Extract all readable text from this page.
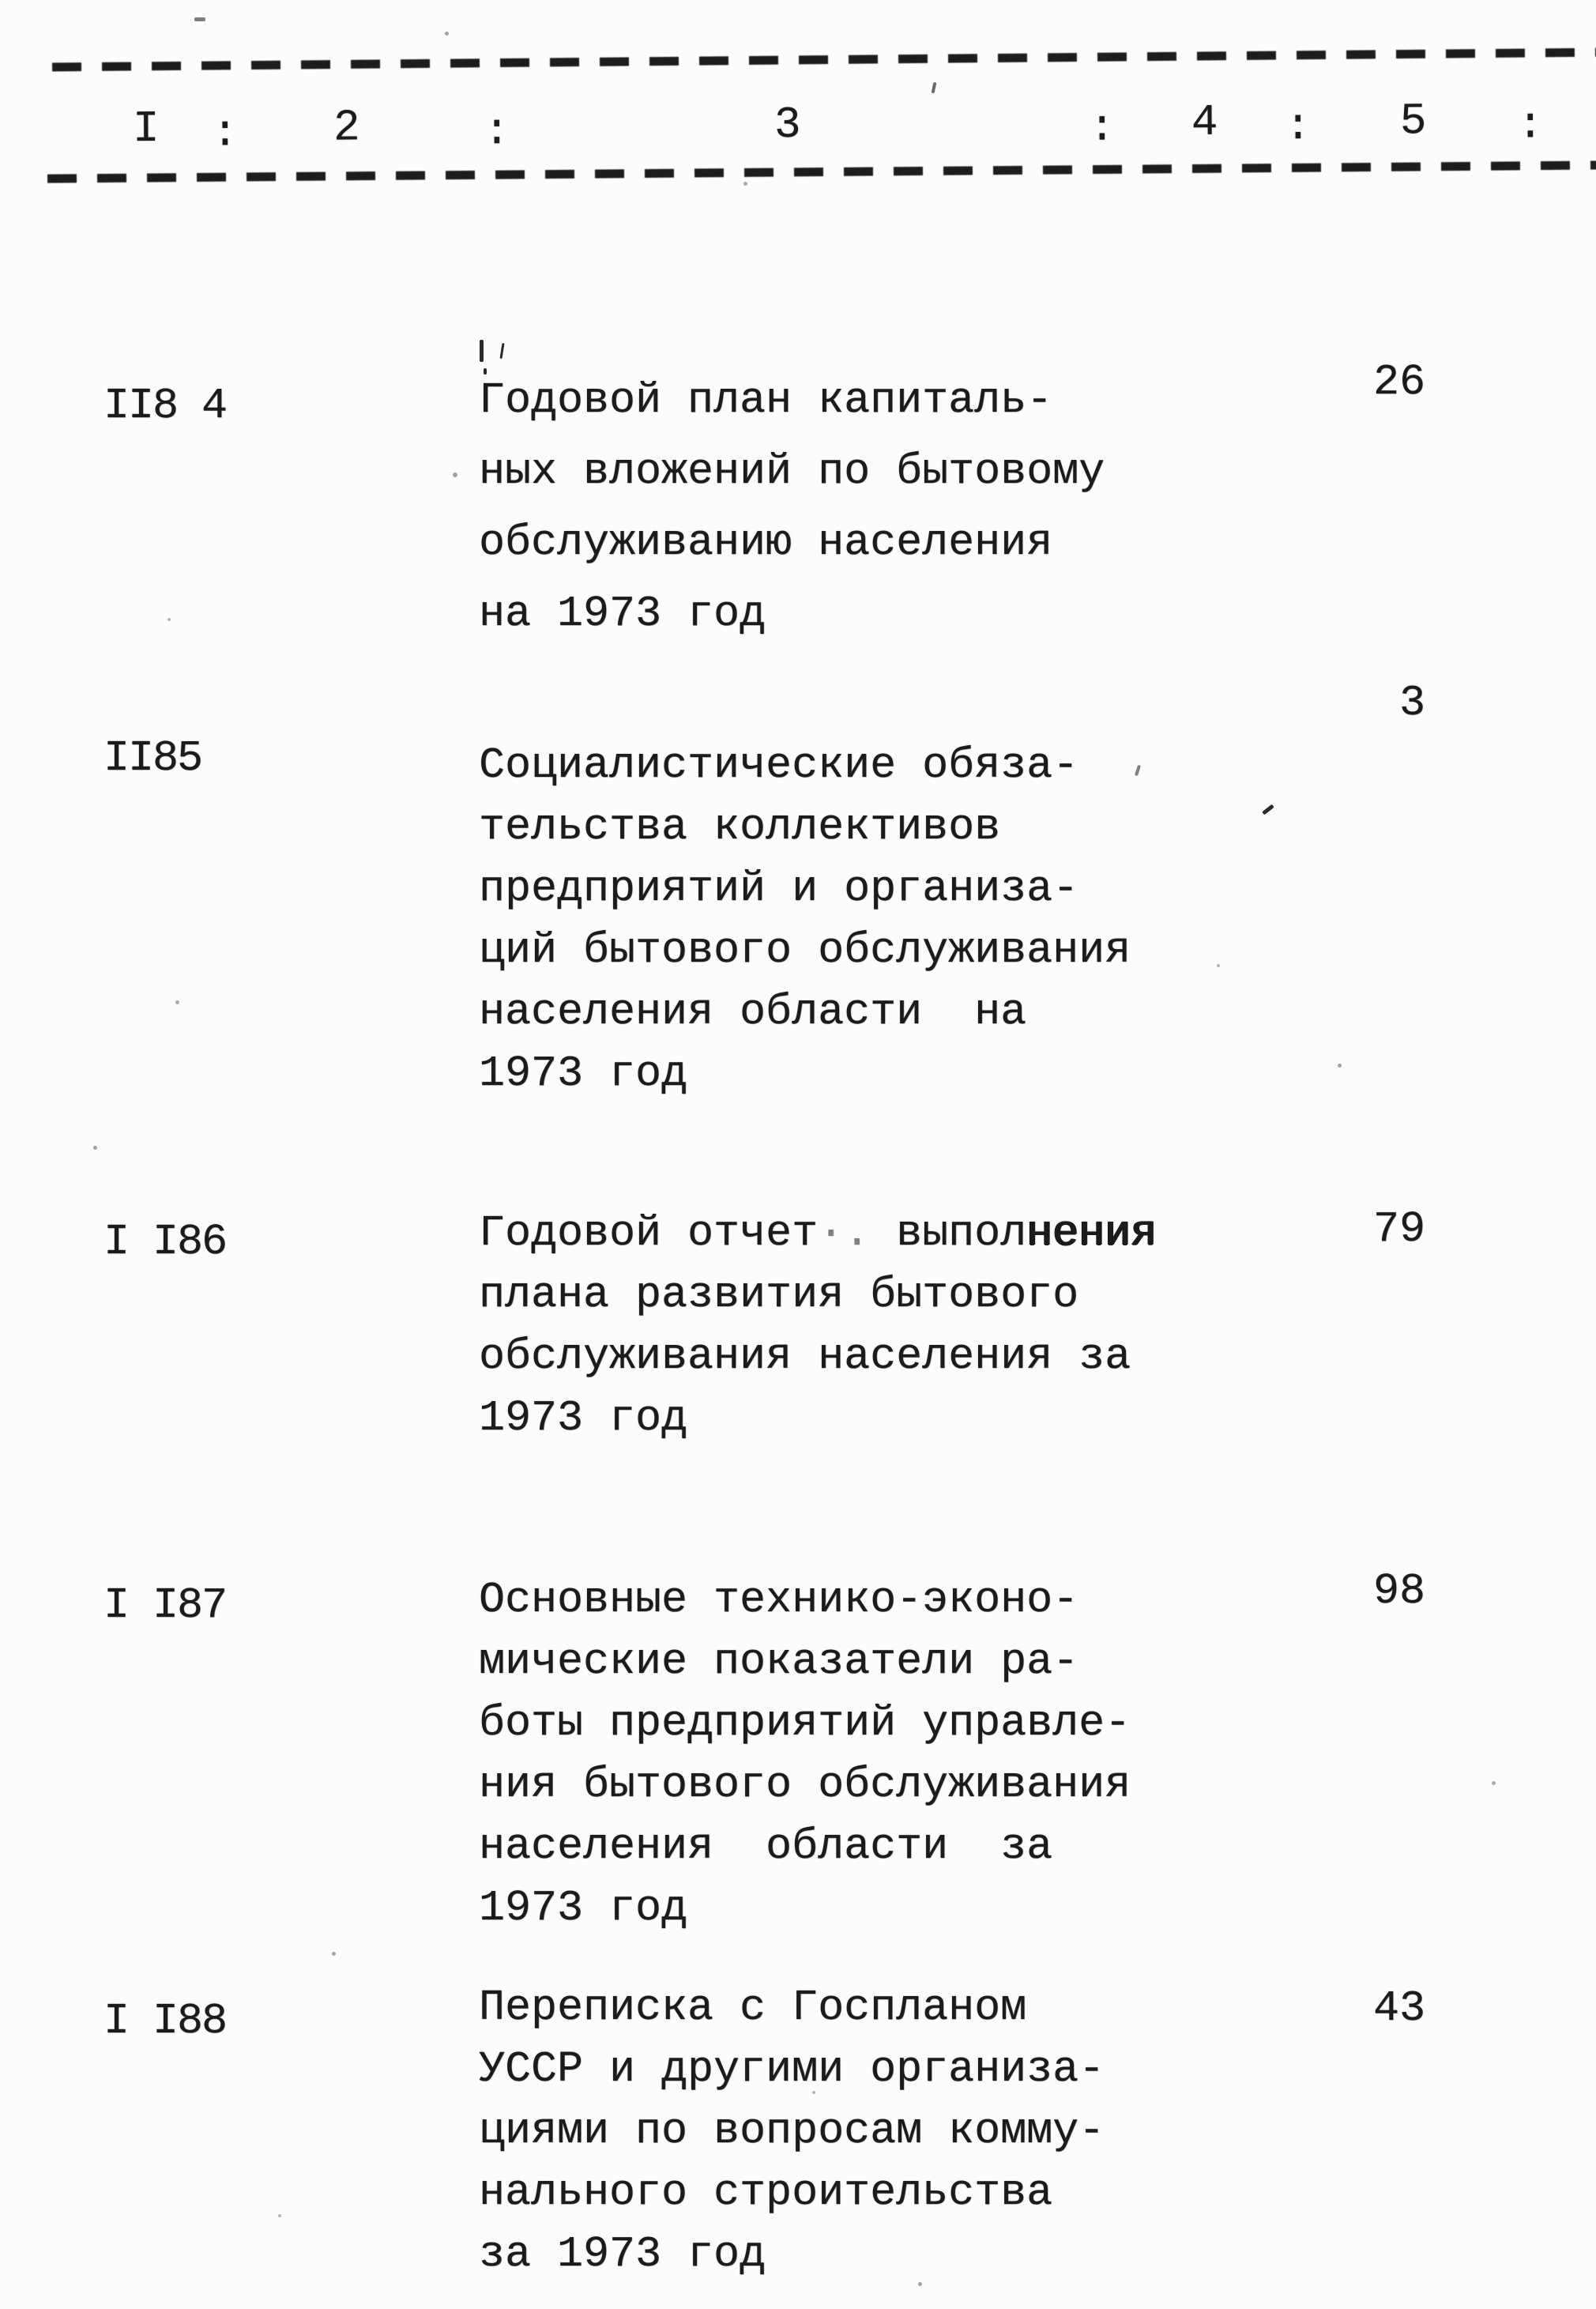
I : 2	:	3	: 4 : 5 :
II8 4	Годовой план капиталь-
ных вложений по бытовому
обслуживанию населения
на 1973 год
26
II85	Социалистические обяза-
тельства коллективов
предприятий и организа-
ций бытового обслуживания
населения области  на
1973 год
3
I I86	Годовой отчет·. выполнения
плана развития бытового
обслуживания населения за
1973 год
79
I I87	Основные технико-эконо-
мические показатели ра-
боты предприятий управле-
ния бытового обслуживания
населения  области  за
1973 год
98
I I88	Переписка с Госпланом
УССР и другими организа-
циями по вопросам комму-
нального строительства
за 1973 год
43
